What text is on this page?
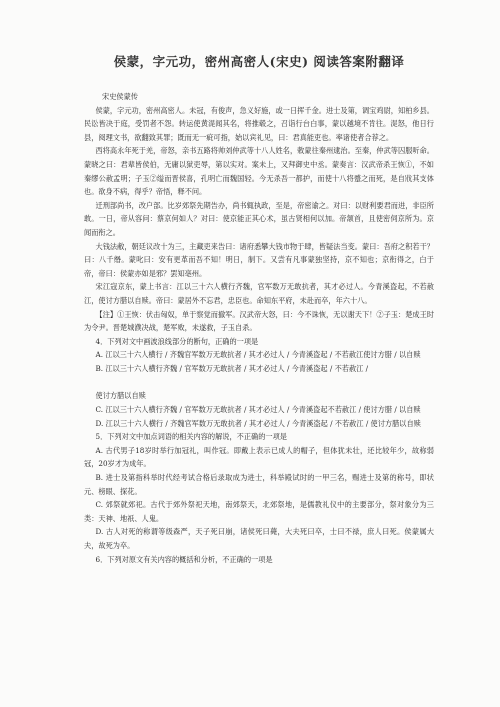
侯蒙，字元功，密州高密人(宋史) 阅读答案附翻译

宋史侯蒙传

侯蒙，字元功，密州高密人。未冠，有俊声，急义好施，或一日挥千金。进士及第，调宝鸡尉，知柏乡县。民讼皆决于庭，受罚者不怨。转运使黄湜闻其名，将推毂之，召诣行台白事，蒙以越境不肯往。湜怒，他日行县，阅理文书，欲翻致其罪；既而无一疵可指，始以宾礼见，曰：君真能吏也。率诸使者合荐之。

西将高永年死于羌，帝怒，亲书五路将帅刘仲武等十八人姓名，敕蒙往秦州逮治。至秦，仲武等囚服听命。蒙晓之曰：君辈皆侯伯，无庸以狱吏辱，第以实对。案未上，又拜御史中丞。蒙奏言：汉武帝杀王恢①，不如秦缪公赦孟明；子玉②缢而晋侯喜，孔明亡而魏国轻。今无杀吾一都护，而使十八将蹙之而死，是自戕其支体也。欲身不病，得乎？帝悟，释不问。

迁刑部尚书，改户部。比岁郊祭先期告办，尚书辄执政，至是，帝密谕之。对曰：以财利要君而进，非臣所敢。一日，帝从容问：蔡京何如人？对曰：使京能正其心术，虽古贤相何以加。帝颔首，且使密伺京所为。京闻而衔之。

大钱法敝，朝廷议改十为三，主藏吏来告曰：诸府悉攀大钱市物于肆，皆疑法当变。蒙曰：吾府之积若干？曰：八千缗。蒙叱曰：安有更革而吾不知！明日，制下。又尝有凡事蒙独坚持，京不知也；京衔得之，白于帝，帝曰：侯蒙亦如是邪？罢知亳州。

宋江寇京东，蒙上书言：江以三十六人横行齐魏，官军数万无敢抗者，其才必过人。今青溪盗起，不若赦江，使讨方腊以自赎。帝曰：蒙居外不忘君，忠臣也。命知东平府，未赴而卒，年六十八。

【注】①王恢：伏击匈奴，单于察觉而撤军。汉武帝大怒，曰：今不诛恢，无以谢天下！②子玉：楚成王时为令尹。晋楚城濮决战，楚军败，未遂救，子玉自杀。

4．下列对文中画波浪线部分的断句，正确的一项是

A. 江以三十六人横行 / 齐魏官军数万无敢抗者 / 其才必过人 / 今青溪盗起 / 不若赦江使讨方腊 / 以自赎

B. 江以三十六人横行齐魏 / 官军数万无敢抗者 / 其才必过人 / 今青溪盗起 / 不若赦江 /

使讨方腊以自赎

C. 江以三十六人横行齐魏 / 官军数万无敢抗者 / 其才必过人 / 今青溪盗起不若赦江 / 使讨方腊 / 以自赎

D. 江以三十六人横行 / 齐魏官军数万无敢抗者 / 其才必过人 / 今青溪盗起 / 不若赦江 / 使讨方腊以自赎

5．下列对文中加点词语的相关内容的解说，不正确的一项是

A. 古代男子18岁时举行加冠礼，叫作冠。即戴上表示已成人的帽子，但体犹未壮，还比较年少，故称弱冠，20岁才为成年。

B. 进士及第指科举时代经考试合格后录取成为进士，科举殿试时的一甲三名，赐进士及第的称号，即状元、榜眼、探花。

C. 郊祭就郊祀。古代于郊外祭祀天地，南郊祭天，北郊祭地，是儒教礼仪中的主要部分，祭对象分为三类：天神、地祇、人鬼。

D. 古人对死的称谓等级森严，天子死曰崩，诸侯死曰薨，大夫死曰卒，士曰不禄，庶人曰死。侯蒙属大夫，故死为卒。

6．下列对原文有关内容的概括和分析，不正确的一项是
